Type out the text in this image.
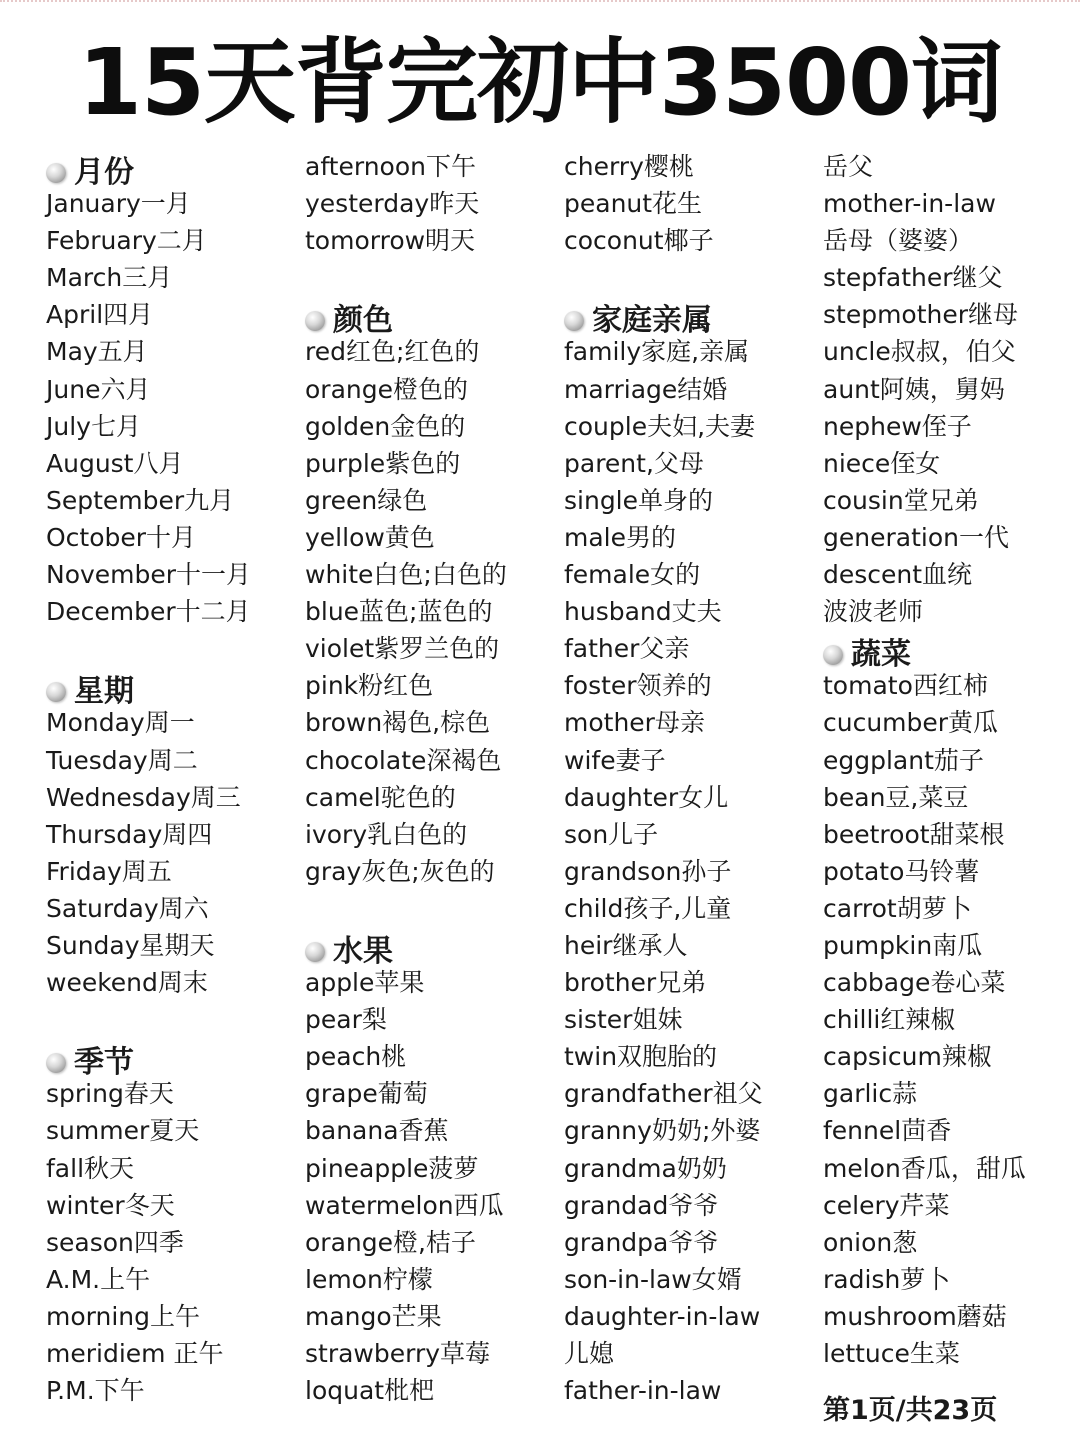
15天背完初中3500词
月份
January一月
February二月
March三月
April四月
May五月
June六月
July七月
August八月
September九月
October十月
November十一月
December十二月
星期
Monday周一
Tuesday周二
Wednesday周三
Thursday周四
Friday周五
Saturday周六
Sunday星期天
weekend周末
季节
spring春天
summer夏天
fall秋天
winter冬天
season四季
A.M.上午
morning上午
meridiem 正午
P.M.下午
afternoon下午
yesterday昨天
tomorrow明天
颜色
red红色;红色的
orange橙色的
golden金色的
purple紫色的
green绿色
yellow黄色
white白色;白色的
blue蓝色;蓝色的
violet紫罗兰色的
pink粉红色
brown褐色,棕色
chocolate深褐色
camel驼色的
ivory乳白色的
gray灰色;灰色的
水果
apple苹果
pear梨
peach桃
grape葡萄
banana香蕉
pineapple菠萝
watermelon西瓜
orange橙,桔子
lemon柠檬
mango芒果
strawberry草莓
loquat枇杷
cherry樱桃
peanut花生
coconut椰子
家庭亲属
family家庭,亲属
marriage结婚
couple夫妇,夫妻
parent,父母
single单身的
male男的
female女的
husband丈夫
father父亲
foster领养的
mother母亲
wife妻子
daughter女儿
son儿子
grandson孙子
child孩子,儿童
heir继承人
brother兄弟
sister姐妹
twin双胞胎的
grandfather祖父
granny奶奶;外婆
grandma奶奶
grandad爷爷
grandpa爷爷
son-in-law女婿
daughter-in-law
儿媳
father-in-law
岳父
mother-in-law
岳母（婆婆）
stepfather继父
stepmother继母
uncle叔叔，伯父
aunt阿姨，舅妈
nephew侄子
niece侄女
cousin堂兄弟
generation一代
descent血统
波波老师
蔬菜
tomato西红柿
cucumber黄瓜
eggplant茄子
bean豆,菜豆
beetroot甜菜根
potato马铃薯
carrot胡萝卜
pumpkin南瓜
cabbage卷心菜
chilli红辣椒
capsicum辣椒
garlic蒜
fennel茴香
melon香瓜，甜瓜
celery芹菜
onion葱
radish萝卜
mushroom蘑菇
lettuce生菜
第1页/共23页
